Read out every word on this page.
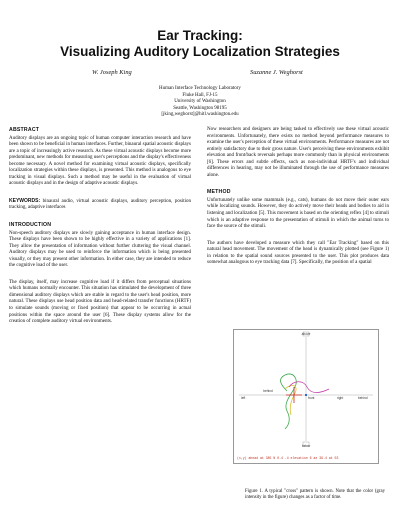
Ear Tracking:
Visualizing Auditory Localization Strategies
W. Joseph King	Suzanne J. Weghorst
Human Interface Technology Laboratory
Fluke Hall, FJ-15
University of Washington
Seattle, Washington 98195
[jking,weghorst]@hitl.washington.edu
ABSTRACT
Auditory displays are an ongoing topic of human computer interaction research and have been shown to be beneficial in human interfaces. Further, binaural spatial acoustic displays are a topic of increasingly active research. As these virtual acoustic displays become more predominant, new methods for measuring user's perceptions and the display's effectiveness become necessary. A novel method for examining virtual acoustic displays, specifically localization strategies within these displays, is presented. This method is analogous to eye tracking in visual displays. Such a method may be useful in the evaluation of virtual acoustic displays and in the design of adaptive acoustic displays.
KEYWORDS: binaural audio, virtual acoustic displays, auditory perception, position tracking, adaptive interfaces
INTRODUCTION
Non-speech auditory displays are slowly gaining acceptance in human interface design. These displays have been shown to be highly effective in a variety of applications [1]. They allow the presentation of information without further cluttering the visual channel. Auditory displays may be used to reinforce the information which is being presented visually, or they may present other information. In either case, they are intended to reduce the cognitive load of the user.
The display, itself, may increase cognitive load if it differs from perceptual situations which humans normally encounter. This situation has stimulated the development of three dimensional auditory displays which are stable in regard to the user's head position, more natural. These displays use head position data and head-related transfer functions (HRTF) to simulate sounds (moving or fixed position) that appear to be occurring in actual positions within the space around the user [6]. These display systems allow for the creation of complete auditory virtual environments.
Now researchers and designers are being tasked to effectively use these virtual acoustic environments. Unfortunately, there exists no method beyond performance measures to examine the user's perception of these virtual environments. Performance measures are not entirely satisfactory due to their gross nature. User's perceiving these environments exhibit elevation and front/back reversals perhaps more commonly than in physical environments [6]. These errors and subtle effects, such as non-individual HRTF's and individual differences in hearing, may not be illuminated through the use of performance measures alone.
METHOD
Unfortunately unlike some mammals (e.g., cats), humans do not move their outer ears while localizing sounds. However, they do actively move their heads and bodies to aid in listening and localization [5]. This movement is based on the orienting reflex [4] to stimuli which is an adaptive response to the presentation of stimuli in which the animal turns to face the source of the stimuli.
The authors have developed a measure which they call "Ear Tracking" based on this natural head movement. The movement of the head is dynamically plotted (see Figure 1) in relation to the spatial sound sources presented to the user. This plot produces data somewhat analogous to eye tracking data [7]. Specifically, the position of a spatial
above
behind
left	front	right	behind
below
(x,y) ahead at 385 N 0.4 -4 elevation 6 az 39.4 at 5S
Figure 1. A typical "cross" pattern is shown. Note that the color (gray intensity in the figure) changes as a factor of time.
